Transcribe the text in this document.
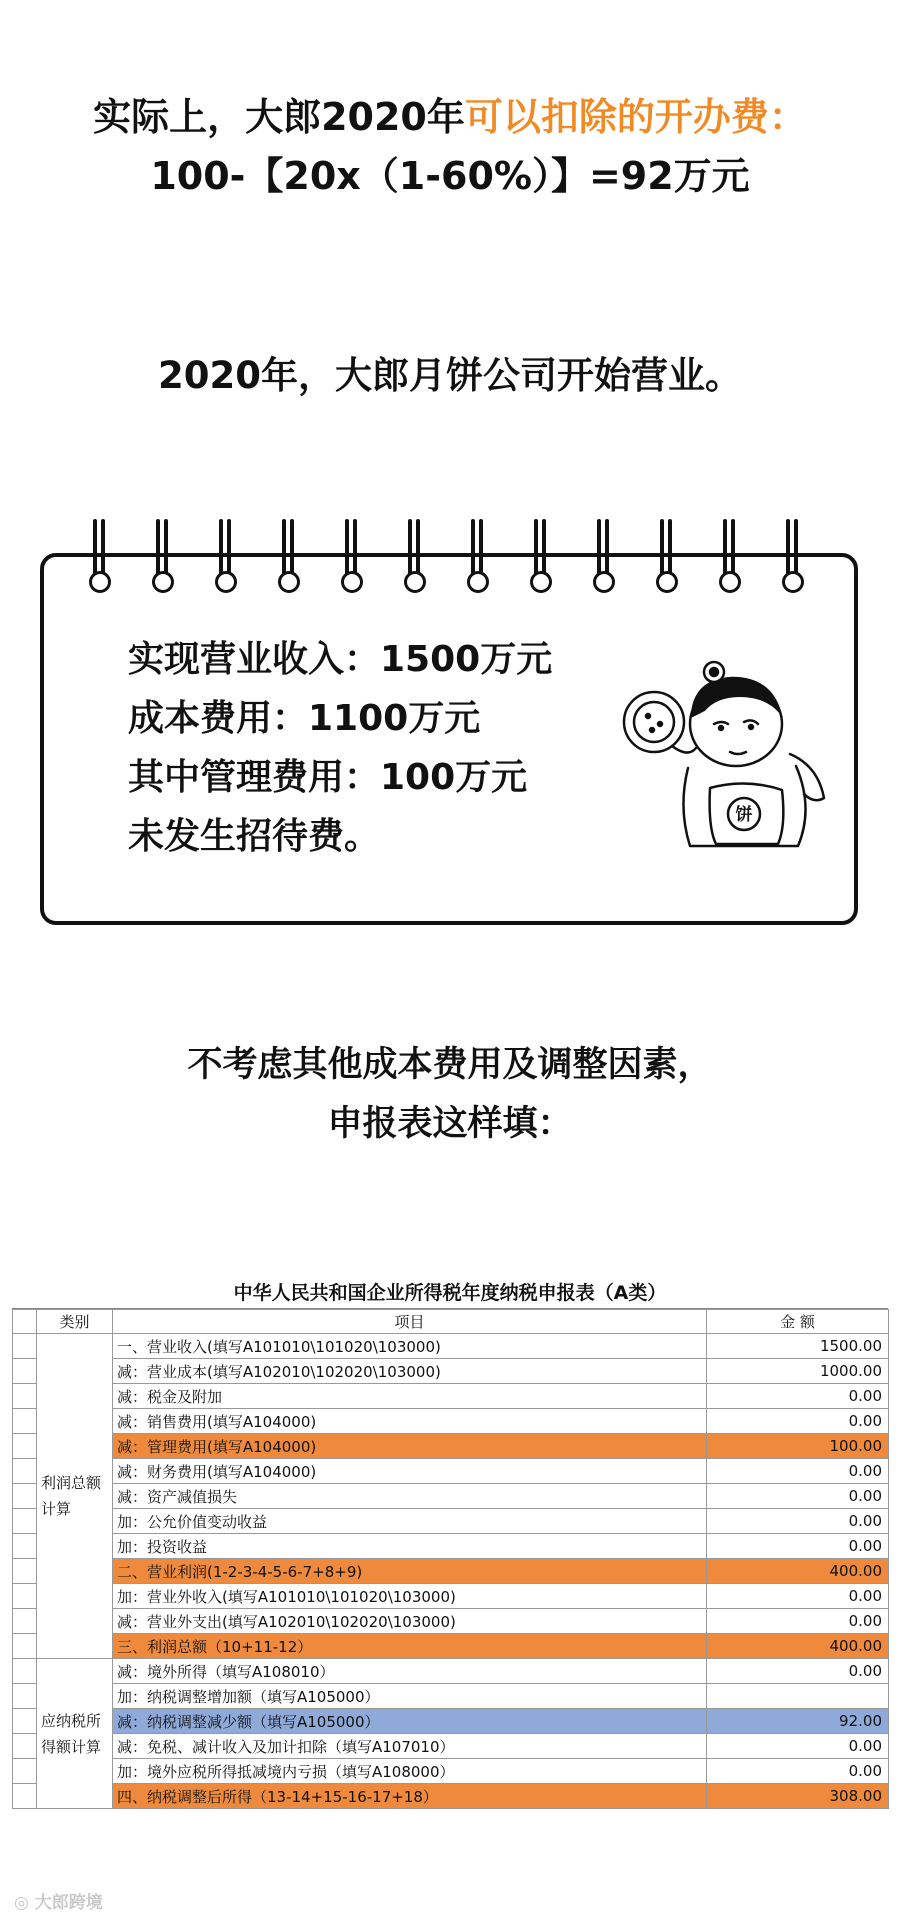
实际上，大郎2020年可以扣除的开办费：
100-【20x（1-60%）】=92万元
2020年，大郎月饼公司开始营业。
实现营业收入：1500万元
成本费用：1100万元
其中管理费用：100万元
未发生招待费。
饼
不考虑其他成本费用及调整因素，
申报表这样填：
中华人民共和国企业所得税年度纳税申报表（A类）
	类别	项目	金 额
	利润总额计算	一、营业收入(填写A101010\101020\103000)	1500.00
		减：营业成本(填写A102010\102020\103000)	1000.00
		减：税金及附加	0.00
		减：销售费用(填写A104000)	0.00
		减：管理费用(填写A104000)	100.00
		减：财务费用(填写A104000)	0.00
		减：资产减值损失	0.00
		加：公允价值变动收益	0.00
		加：投资收益	0.00
		二、营业利润(1-2-3-4-5-6-7+8+9)	400.00
		加：营业外收入(填写A101010\101020\103000)	0.00
		减：营业外支出(填写A102010\102020\103000)	0.00
		三、利润总额（10+11-12）	400.00
	应纳税所得额计算	减：境外所得（填写A108010）	0.00
		加：纳税调整增加额（填写A105000）	
		减：纳税调整减少额（填写A105000）	92.00
		减：免税、减计收入及加计扣除（填写A107010）	0.00
		加：境外应税所得抵减境内亏损（填写A108000）	0.00
		四、纳税调整后所得（13-14+15-16-17+18）	308.00
◎ 大郎跨境
